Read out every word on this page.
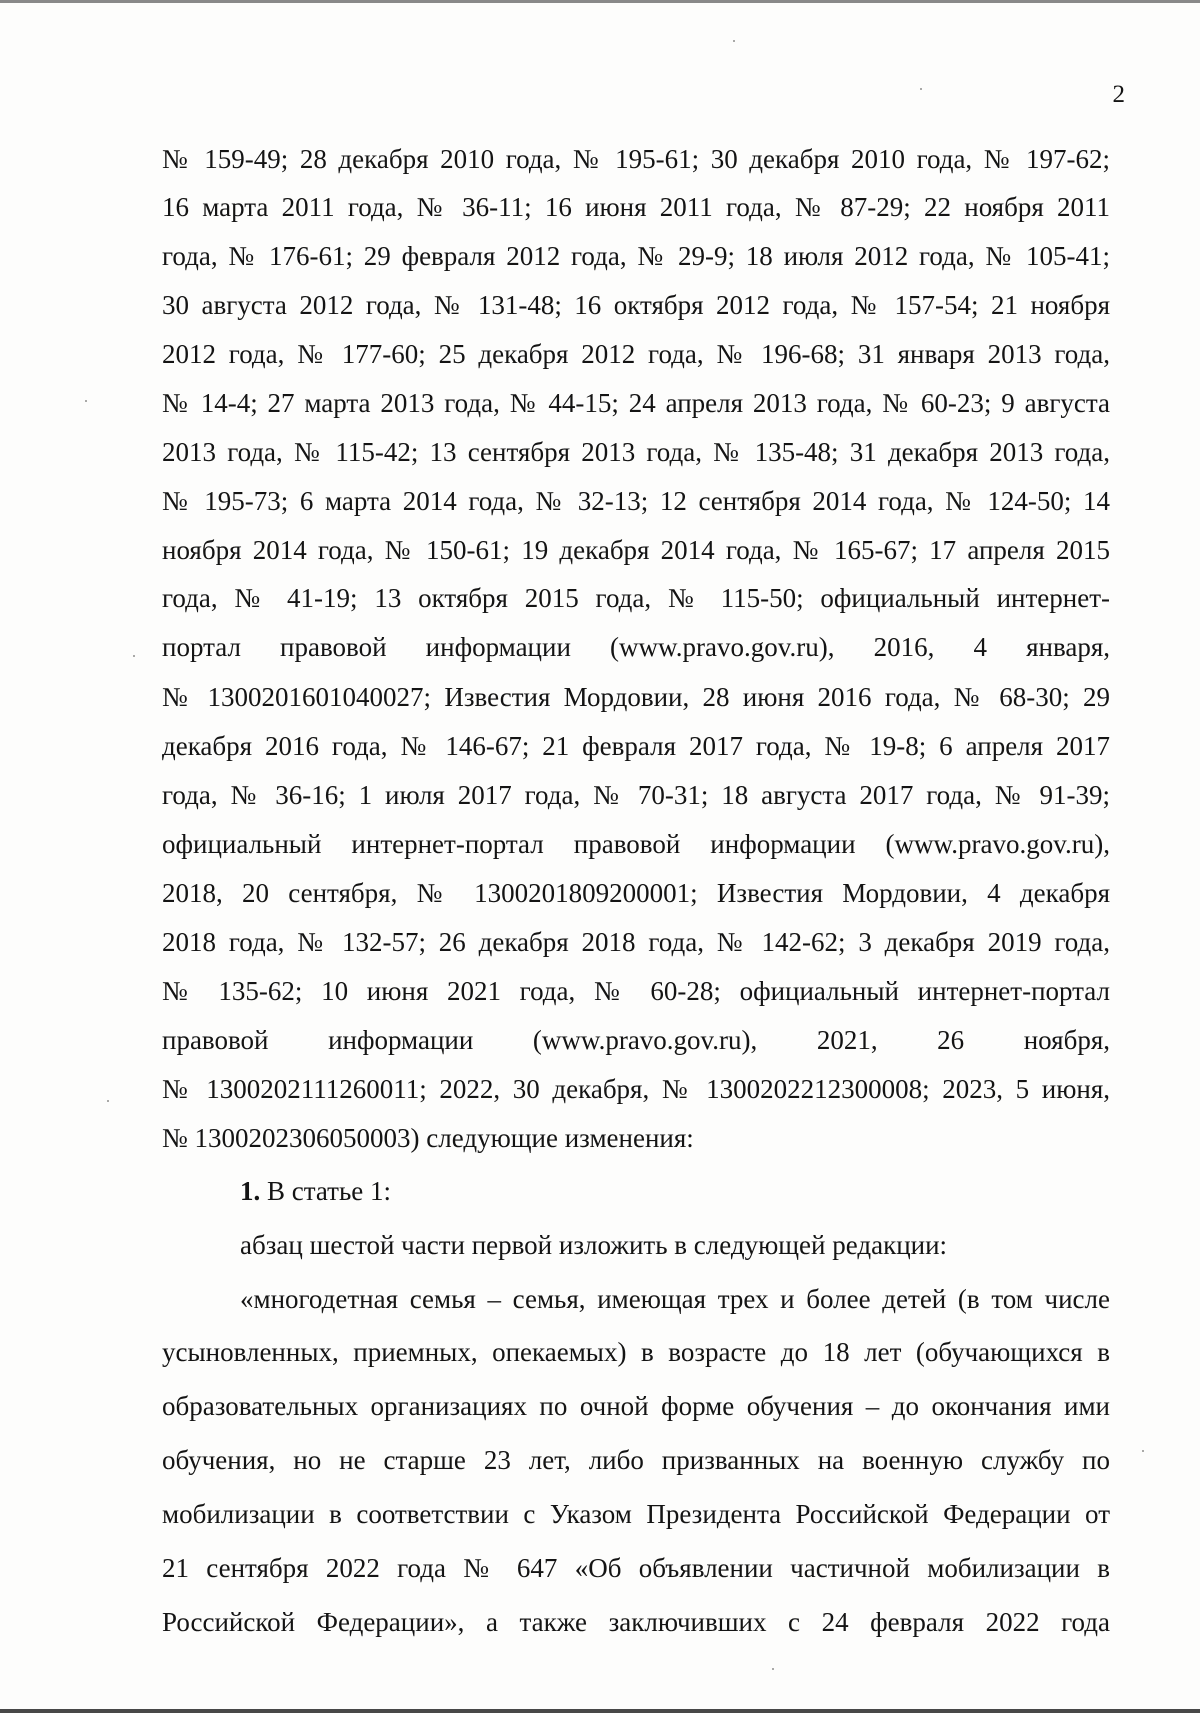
2
№ 159-49; 28 декабря 2010 года, № 195-61; 30 декабря 2010 года, № 197-62;
16 марта 2011 года, № 36-11; 16 июня 2011 года, № 87-29; 22 ноября 2011
года, № 176-61; 29 февраля 2012 года, № 29-9; 18 июля 2012 года, № 105-41;
30 августа 2012 года, № 131-48; 16 октября 2012 года, № 157-54; 21 ноября
2012 года, № 177-60; 25 декабря 2012 года, № 196-68; 31 января 2013 года,
№ 14-4; 27 марта 2013 года, № 44-15; 24 апреля 2013 года, № 60-23; 9 августа
2013 года, № 115-42; 13 сентября 2013 года, № 135-48; 31 декабря 2013 года,
№ 195-73; 6 марта 2014 года, № 32-13; 12 сентября 2014 года, № 124-50; 14
ноября 2014 года, № 150-61; 19 декабря 2014 года, № 165-67; 17 апреля 2015
года, № 41-19; 13 октября 2015 года, № 115-50; официальный интернет-
портал правовой информации (www.pravo.gov.ru), 2016, 4 января,
№ 1300201601040027; Известия Мордовии, 28 июня 2016 года, № 68-30; 29
декабря 2016 года, № 146-67; 21 февраля 2017 года, № 19-8; 6 апреля 2017
года, № 36-16; 1 июля 2017 года, № 70-31; 18 августа 2017 года, № 91-39;
официальный интернет-портал правовой информации (www.pravo.gov.ru),
2018, 20 сентября, № 1300201809200001; Известия Мордовии, 4 декабря
2018 года, № 132-57; 26 декабря 2018 года, № 142-62; 3 декабря 2019 года,
№ 135-62; 10 июня 2021 года, № 60-28; официальный интернет-портал
правовой информации (www.pravo.gov.ru), 2021, 26 ноября,
№ 1300202111260011; 2022, 30 декабря, № 1300202212300008; 2023, 5 июня,
№ 1300202306050003) следующие изменения:
1. В статье 1:
абзац шестой части первой изложить в следующей редакции:
«многодетная семья – семья, имеющая трех и более детей (в том числе
усыновленных, приемных, опекаемых) в возрасте до 18 лет (обучающихся в
образовательных организациях по очной форме обучения – до окончания ими
обучения, но не старше 23 лет, либо призванных на военную службу по
мобилизации в соответствии с Указом Президента Российской Федерации от
21 сентября 2022 года № 647 «Об объявлении частичной мобилизации в
Российской Федерации», а также заключивших с 24 февраля 2022 года
